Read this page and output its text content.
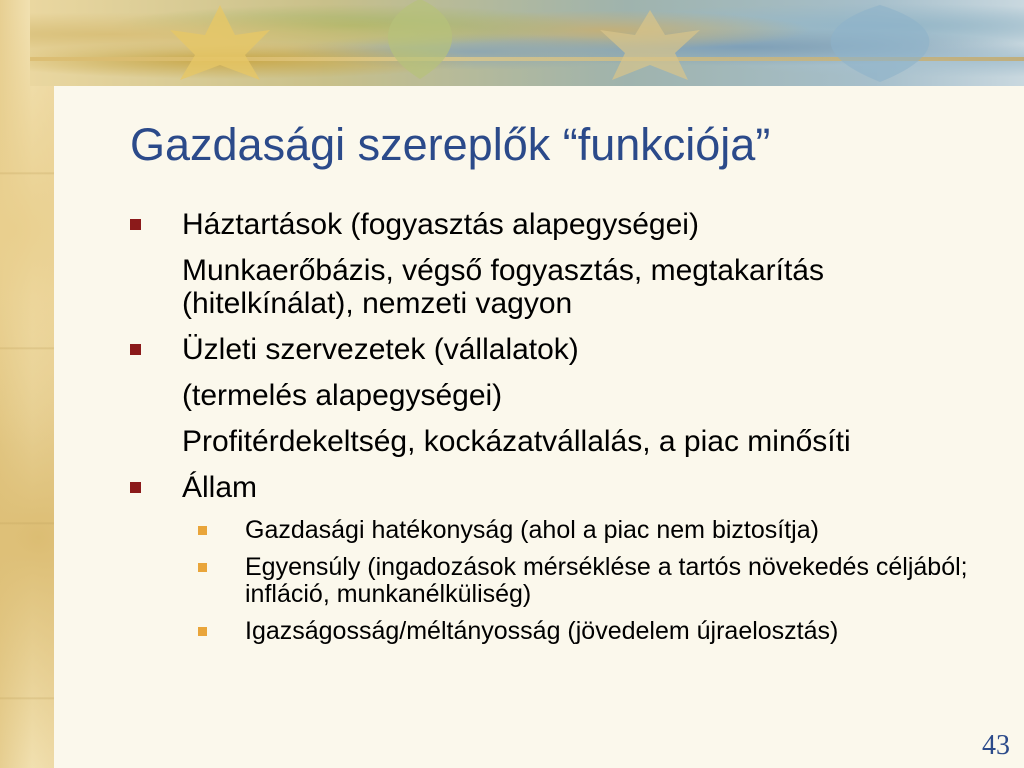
Gazdasági szereplők “funkciója”
Háztartások (fogyasztás alapegységei)
Munkaerőbázis, végső fogyasztás, megtakarítás (hitelkínálat), nemzeti vagyon
Üzleti szervezetek (vállalatok)
(termelés alapegységei)
Profitérdekeltség, kockázatvállalás, a piac minősíti
Állam
Gazdasági hatékonyság (ahol a piac nem biztosítja)
Egyensúly (ingadozások mérséklése a tartós növekedés céljából; infláció, munkanélküliség)
Igazságosság/méltányosság (jövedelem újraelosztás)
43
